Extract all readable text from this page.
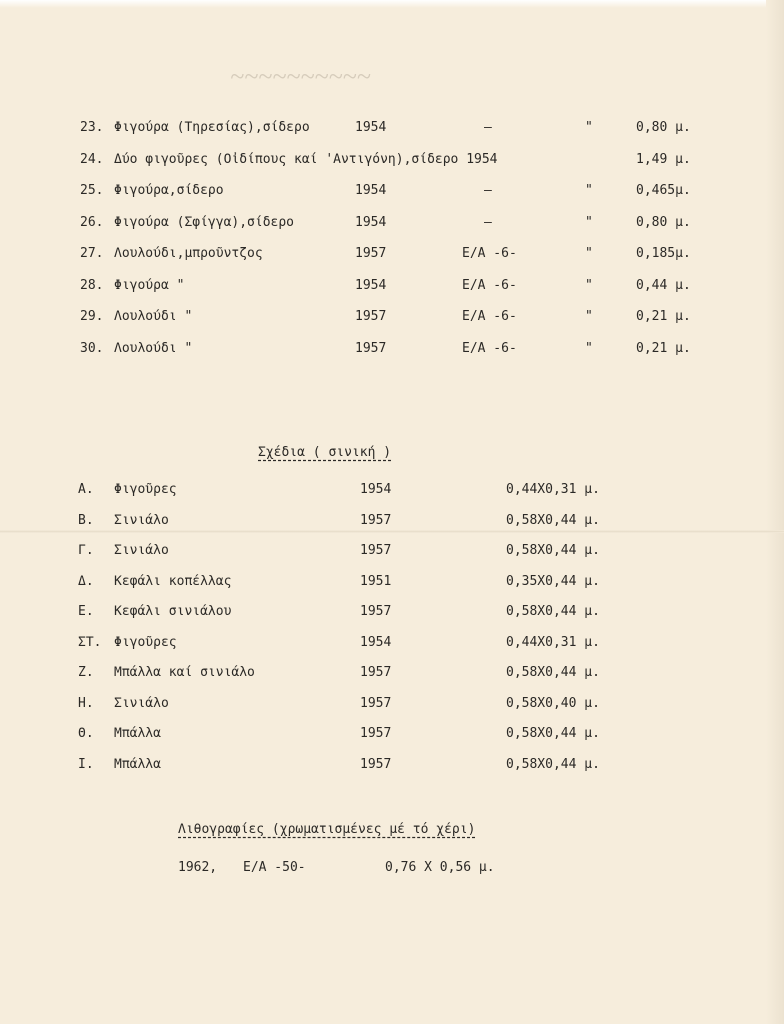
~~~~~~~~~~
23. Φιγούρα (Τηρεσίας),σίδερο	1954	–	"	0,80 μ.
24. Δύο φιγοῦρες (Οἰδίπους καί 'Αντιγόνη),σίδερο 1954	1,49 μ.
25. Φιγούρα,σίδερο	1954	–	"	0,465μ.
26. Φιγούρα (Σφίγγα),σίδερο	1954	–	"	0,80 μ.
27. Λουλούδι,μπροῦντζος	1957	E/A -6-	"	0,185μ.
28. Φιγούρα "	1954	E/A -6-	"	0,44 μ.
29. Λουλούδι "	1957	E/A -6-	"	0,21 μ.
30. Λουλούδι "	1957	E/A -6-	"	0,21 μ.
Σχέδια ( σινική )
A. Φιγοῦρες	1954	0,44X0,31 μ.
B. Σινιάλο	1957	0,58X0,44 μ.
Γ. Σινιάλο	1957	0,58X0,44 μ.
Δ. Κεφάλι κοπέλλας	1951	0,35X0,44 μ.
E. Κεφάλι σινιάλου	1957	0,58X0,44 μ.
ΣΤ. Φιγοῦρες	1954	0,44X0,31 μ.
Z. Μπάλλα καί σινιάλο	1957	0,58X0,44 μ.
H. Σινιάλο	1957	0,58X0,40 μ.
Θ. Μπάλλα	1957	0,58X0,44 μ.
I. Μπάλλα	1957	0,58X0,44 μ.
Λιθογραφίες (χρωματισμένες μέ τό χέρι)
1962, E/A -50-	0,76 X 0,56 μ.
